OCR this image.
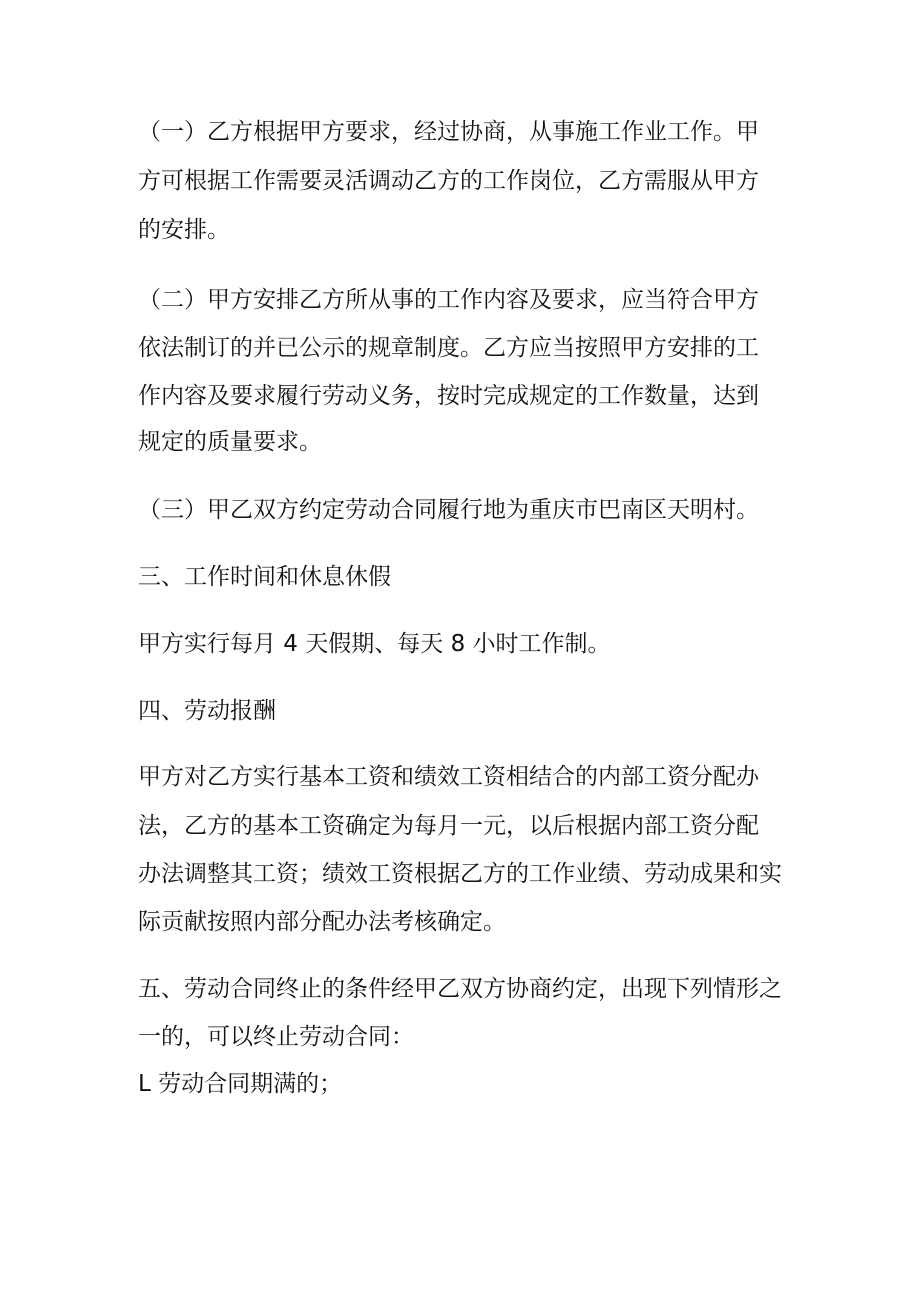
（一）乙方根据甲方要求，经过协商，从事施工作业工作。甲
方可根据工作需要灵活调动乙方的工作岗位，乙方需服从甲方
的安排。
（二）甲方安排乙方所从事的工作内容及要求，应当符合甲方
依法制订的并已公示的规章制度。乙方应当按照甲方安排的工
作内容及要求履行劳动义务，按时完成规定的工作数量，达到
规定的质量要求。
（三）甲乙双方约定劳动合同履行地为重庆市巴南区天明村。
三、工作时间和休息休假
甲方实行每月 4 天假期、每天 8 小时工作制。
四、劳动报酬
甲方对乙方实行基本工资和绩效工资相结合的内部工资分配办
法，乙方的基本工资确定为每月一元，以后根据内部工资分配
办法调整其工资；绩效工资根据乙方的工作业绩、劳动成果和实
际贡献按照内部分配办法考核确定。
五、劳动合同终止的条件经甲乙双方协商约定，出现下列情形之
一的，可以终止劳动合同：
L 劳动合同期满的；
